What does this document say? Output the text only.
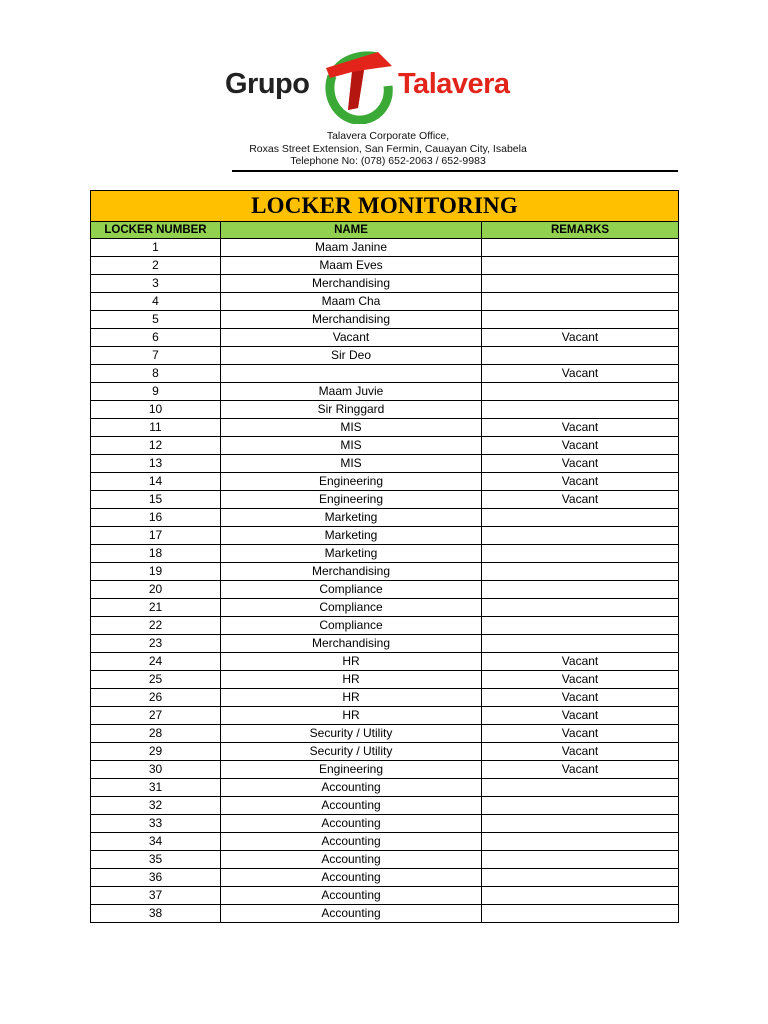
Grupo	Talavera
Talavera Corporate Office,
Roxas Street Extension, San Fermin, Cauayan City, Isabela
Telephone No: (078) 652-2063 / 652-9983
LOCKER MONITORING		
LOCKER NUMBER	NAME	REMARKS
1	Maam Janine	
2	Maam Eves	
3	Merchandising	
4	Maam Cha	
5	Merchandising	
6	Vacant	Vacant
7	Sir Deo	
8		Vacant
9	Maam Juvie	
10	Sir Ringgard	
11	MIS	Vacant
12	MIS	Vacant
13	MIS	Vacant
14	Engineering	Vacant
15	Engineering	Vacant
16	Marketing	
17	Marketing	
18	Marketing	
19	Merchandising	
20	Compliance	
21	Compliance	
22	Compliance	
23	Merchandising	
24	HR	Vacant
25	HR	Vacant
26	HR	Vacant
27	HR	Vacant
28	Security / Utility	Vacant
29	Security / Utility	Vacant
30	Engineering	Vacant
31	Accounting	
32	Accounting	
33	Accounting	
34	Accounting	
35	Accounting	
36	Accounting	
37	Accounting	
38	Accounting	
